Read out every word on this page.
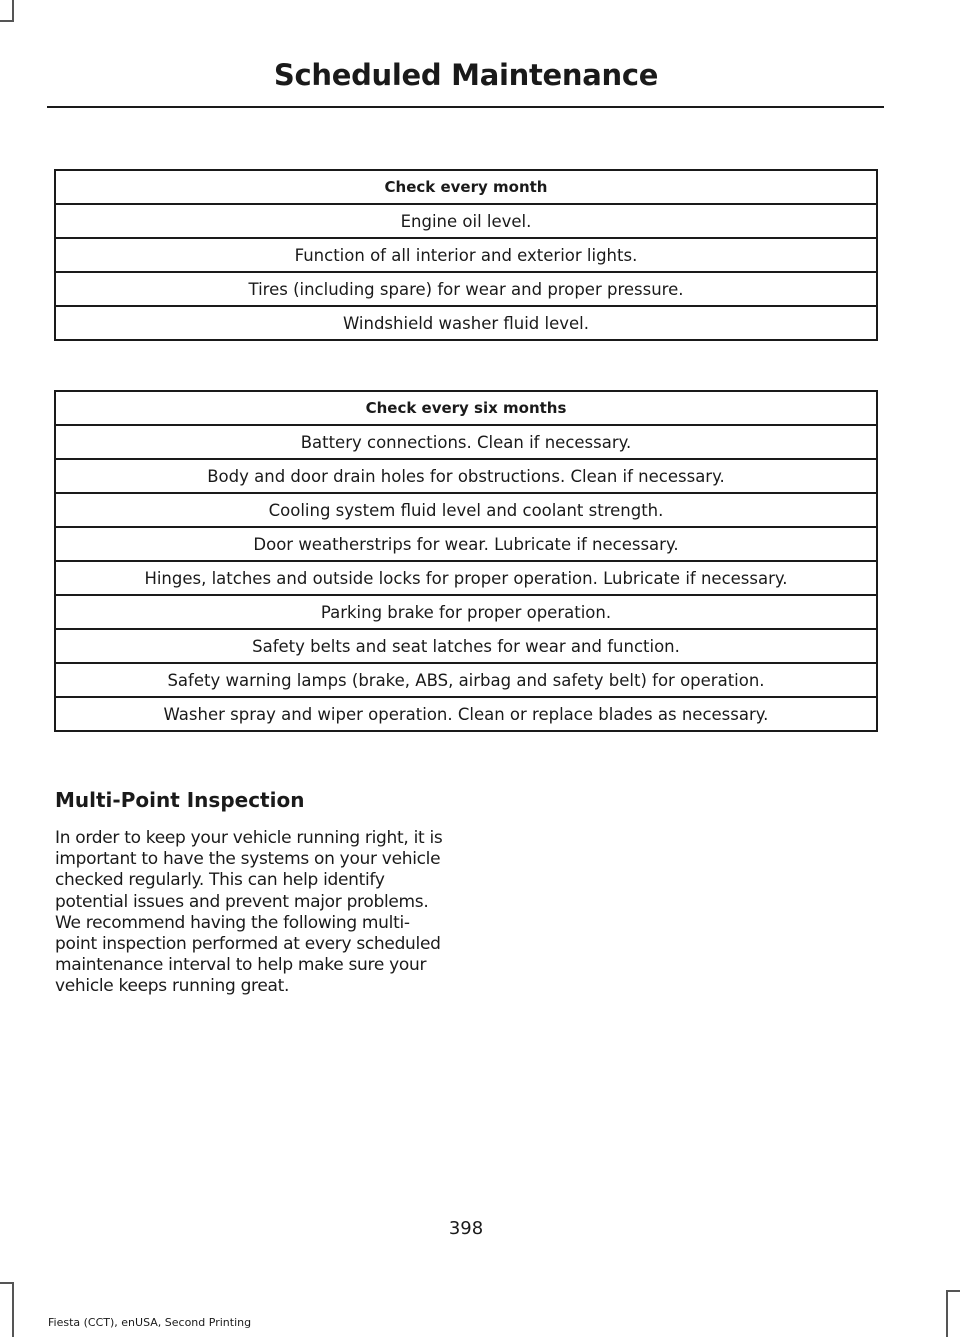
Scheduled Maintenance
Check every month
Engine oil level.
Function of all interior and exterior lights.
Tires (including spare) for wear and proper pressure.
Windshield washer fluid level.
Check every six months
Battery connections. Clean if necessary.
Body and door drain holes for obstructions. Clean if necessary.
Cooling system fluid level and coolant strength.
Door weatherstrips for wear. Lubricate if necessary.
Hinges, latches and outside locks for proper operation. Lubricate if necessary.
Parking brake for proper operation.
Safety belts and seat latches for wear and function.
Safety warning lamps (brake, ABS, airbag and safety belt) for operation.
Washer spray and wiper operation. Clean or replace blades as necessary.
Multi-Point Inspection

In order to keep your vehicle running right, it is important to have the systems on your vehicle checked regularly. This can help identify potential issues and prevent major problems. We recommend having the following multi-point inspection performed at every scheduled maintenance interval to help make sure your vehicle keeps running great.

398
Fiesta (CCT), enUSA, Second Printing
